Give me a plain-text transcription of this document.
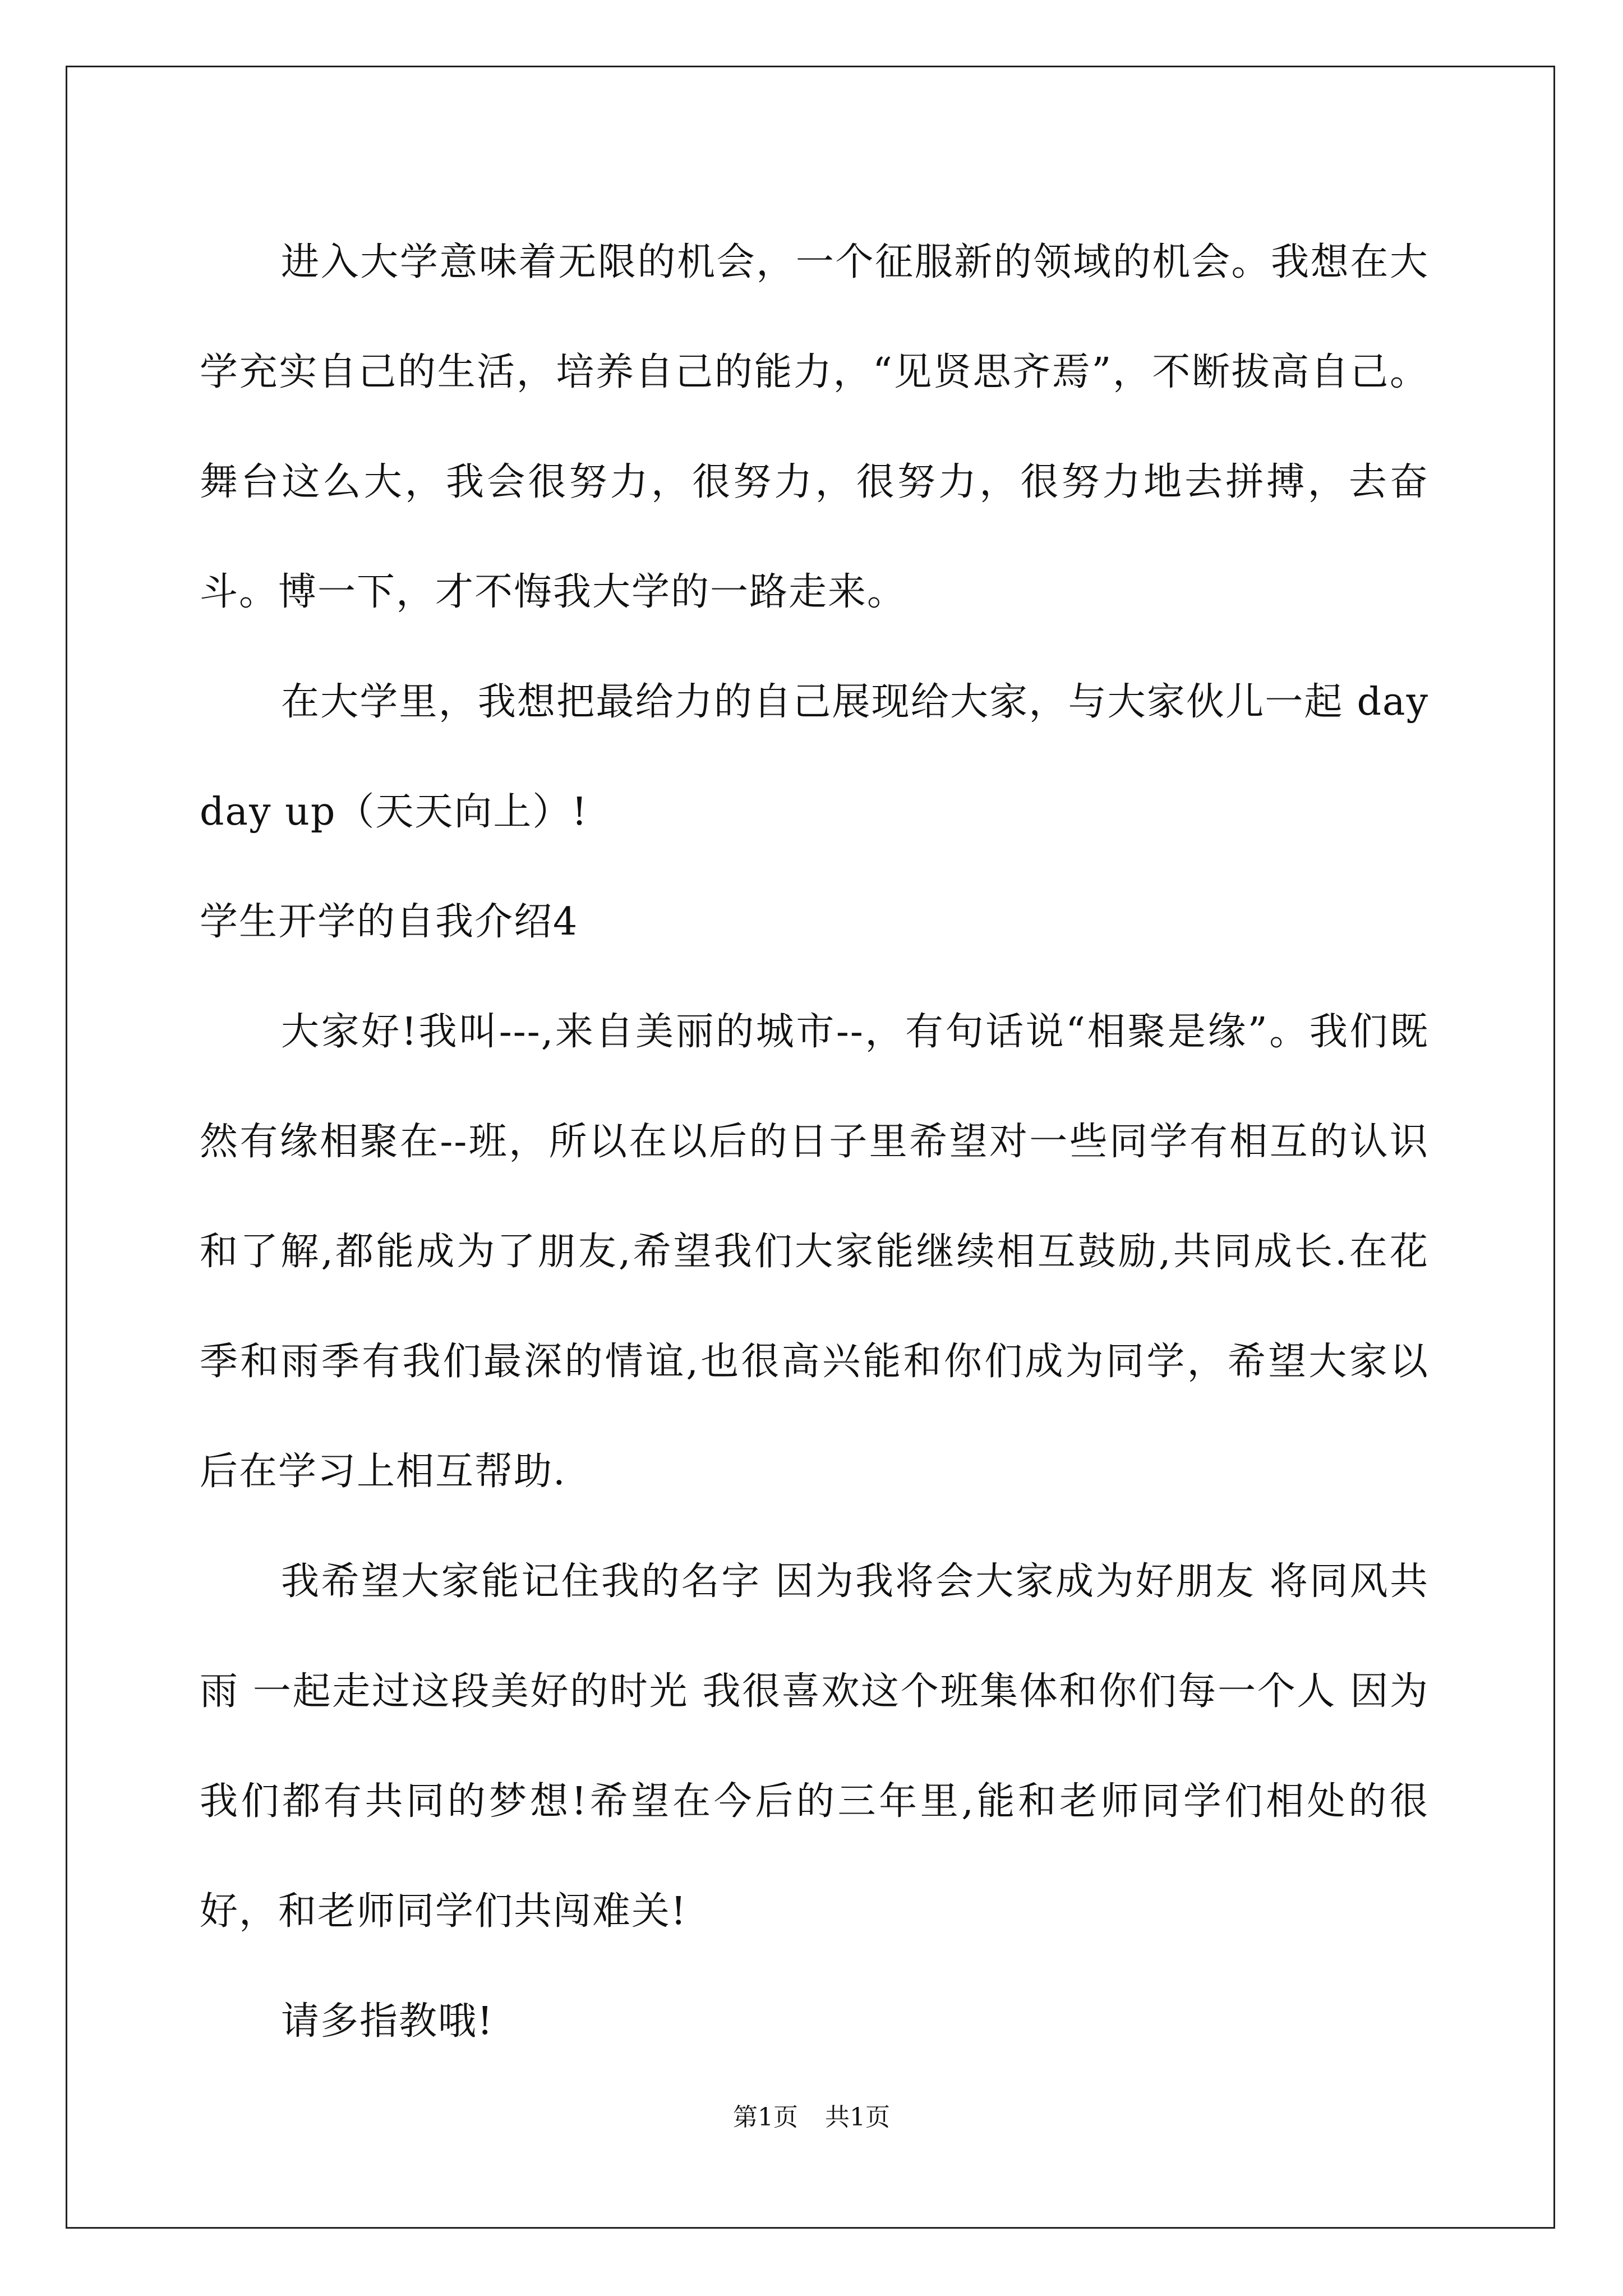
进入大学意味着无限的机会，一个征服新的领域的机会。我想在大学充实自己的生活，培养自己的能力，“见贤思齐焉”，不断拔高自己。舞台这么大，我会很努力，很努力，很努力，很努力地去拼搏，去奋斗。博一下，才不悔我大学的一路走来。

在大学里，我想把最给力的自己展现给大家，与大家伙儿一起 day day up（天天向上）!

学生开学的自我介绍4

大家好!我叫---,来自美丽的城市--，有句话说“相聚是缘”。我们既然有缘相聚在--班，所以在以后的日子里希望对一些同学有相互的认识和了解,都能成为了朋友,希望我们大家能继续相互鼓励,共同成长.在花季和雨季有我们最深的情谊,也很高兴能和你们成为同学，希望大家以后在学习上相互帮助.

我希望大家能记住我的名字 因为我将会大家成为好朋友 将同风共雨 一起走过这段美好的时光 我很喜欢这个班集体和你们每一个人 因为我们都有共同的梦想!希望在今后的三年里,能和老师同学们相处的很好，和老师同学们共闯难关!

请多指教哦!

第1页 共1页
